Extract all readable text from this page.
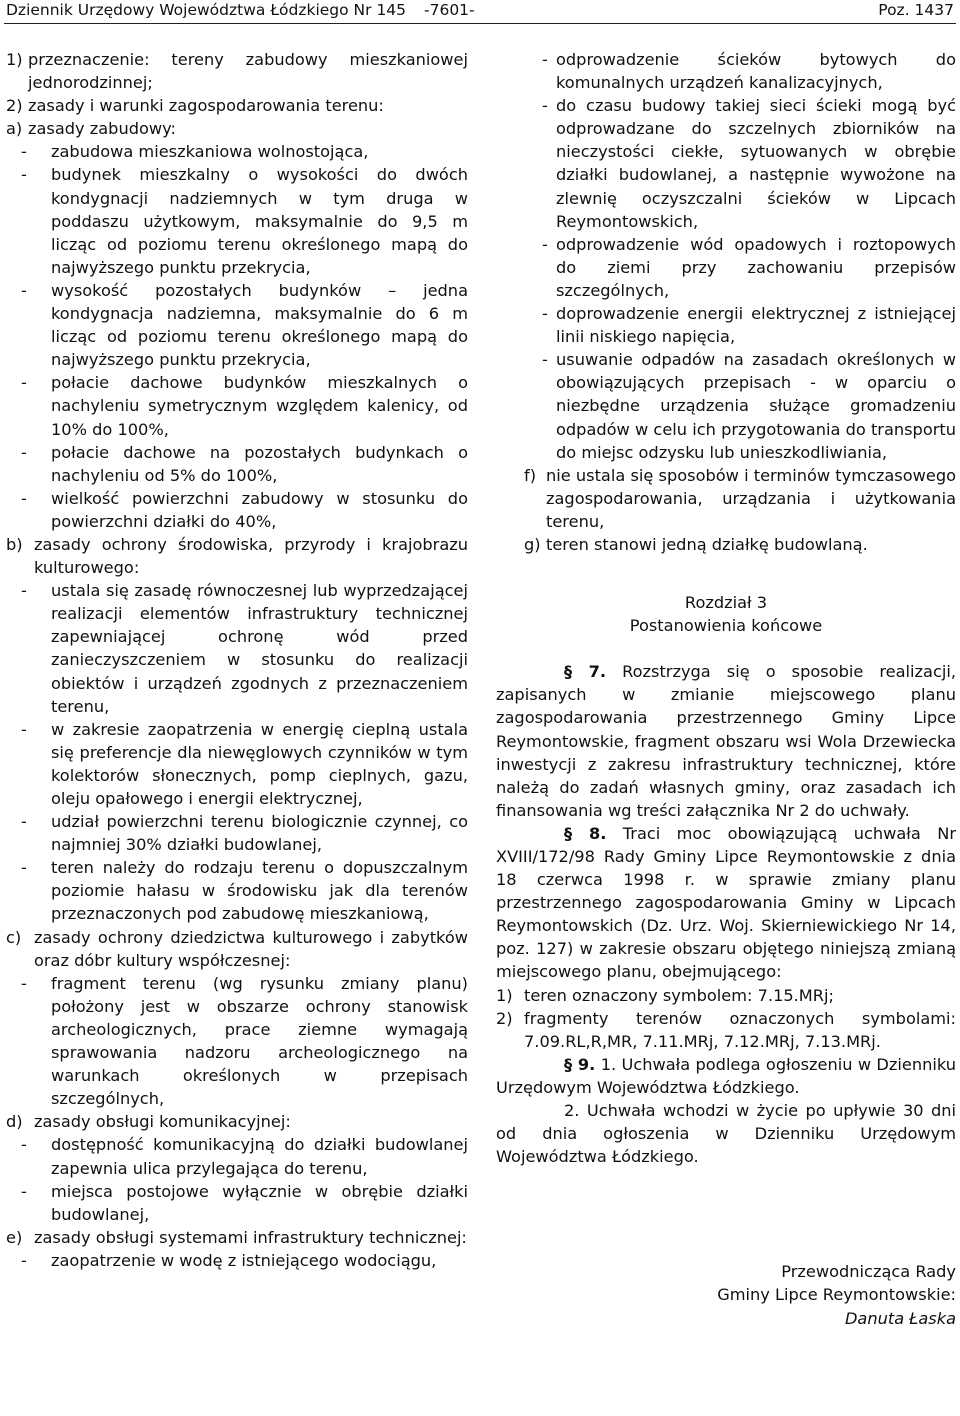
Dziennik Urzędowy Województwa Łódzkiego Nr 145 -7601-	Poz. 1437
1) przeznaczenie: tereny zabudowy mieszkaniowej jednorodzinnej;
2) zasady i warunki zagospodarowania terenu:
a) zasady zabudowy:
- zabudowa mieszkaniowa wolnostojąca,
- budynek mieszkalny o wysokości do dwóch kondygnacji nadziemnych w tym druga w poddaszu użytkowym, maksymalnie do 9,5 m licząc od poziomu terenu określonego mapą do najwyższego punktu przekrycia,
- wysokość pozostałych budynków – jedna kondygnacja nadziemna, maksymalnie do 6 m licząc od poziomu terenu określonego mapą do najwyższego punktu przekrycia,
- połacie dachowe budynków mieszkalnych o nachyleniu symetrycznym względem kalenicy, od 10% do 100%,
- połacie dachowe na pozostałych budynkach o nachyleniu od 5% do 100%,
- wielkość powierzchni zabudowy w stosunku do powierzchni działki do 40%,
b) zasady ochrony środowiska, przyrody i krajobrazu kulturowego:
- ustala się zasadę równoczesnej lub wyprzedzającej realizacji elementów infrastruktury technicznej zapewniającej ochronę wód przed zanieczyszczeniem w stosunku do realizacji obiektów i urządzeń zgodnych z przeznaczeniem terenu,
- w zakresie zaopatrzenia w energię cieplną ustala się preferencje dla niewęglowych czynników w tym kolektorów słonecznych, pomp cieplnych, gazu, oleju opałowego i energii elektrycznej,
- udział powierzchni terenu biologicznie czynnej, co najmniej 30% działki budowlanej,
- teren należy do rodzaju terenu o dopuszczalnym poziomie hałasu w środowisku jak dla terenów przeznaczonych pod zabudowę mieszkaniową,
c) zasady ochrony dziedzictwa kulturowego i zabytków oraz dóbr kultury współczesnej:
- fragment terenu (wg rysunku zmiany planu) położony jest w obszarze ochrony stanowisk archeologicznych, prace ziemne wymagają sprawowania nadzoru archeologicznego na warunkach określonych w przepisach szczególnych,
d) zasady obsługi komunikacyjnej:
- dostępność komunikacyjną do działki budowlanej zapewnia ulica przylegająca do terenu,
- miejsca postojowe wyłącznie w obrębie działki budowlanej,
e) zasady obsługi systemami infrastruktury technicznej:
- zaopatrzenie w wodę z istniejącego wodociągu,
- odprowadzenie ścieków bytowych do komunalnych urządzeń kanalizacyjnych,
- do czasu budowy takiej sieci ścieki mogą być odprowadzane do szczelnych zbiorników na nieczystości ciekłe, sytuowanych w obrębie działki budowlanej, a następnie wywożone na zlewnię oczyszczalni ścieków w Lipcach Reymontowskich,
- odprowadzenie wód opadowych i roztopowych do ziemi przy zachowaniu przepisów szczególnych,
- doprowadzenie energii elektrycznej z istniejącej linii niskiego napięcia,
- usuwanie odpadów na zasadach określonych w obowiązujących przepisach - w oparciu o niezbędne urządzenia służące gromadzeniu odpadów w celu ich przygotowania do transportu do miejsc odzysku lub unieszkodliwiania,
f) nie ustala się sposobów i terminów tymczasowego zagospodarowania, urządzania i użytkowania terenu,
g) teren stanowi jedną działkę budowlaną.
Rozdział 3
Postanowienia końcowe
§ 7. Rozstrzyga się o sposobie realizacji, zapisanych w zmianie miejscowego planu zagospodarowania przestrzennego Gminy Lipce Reymontowskie, fragment obszaru wsi Wola Drzewiecka inwestycji z zakresu infrastruktury technicznej, które należą do zadań własnych gminy, oraz zasadach ich finansowania wg treści załącznika Nr 2 do uchwały.
§ 8. Traci moc obowiązującą uchwała Nr XVIII/172/98 Rady Gminy Lipce Reymontowskie z dnia 18 czerwca 1998 r. w sprawie zmiany planu przestrzennego zagospodarowania Gminy w Lipcach Reymontowskich (Dz. Urz. Woj. Skierniewickiego Nr 14, poz. 127) w zakresie obszaru objętego niniejszą zmianą miejscowego planu, obejmującego:
1) teren oznaczony symbolem: 7.15.MRj;
2) fragmenty terenów oznaczonych symbolami: 7.09.RL,R,MR, 7.11.MRj, 7.12.MRj, 7.13.MRj.
§ 9. 1. Uchwała podlega ogłoszeniu w Dzienniku Urzędowym Województwa Łódzkiego.
2. Uchwała wchodzi w życie po upływie 30 dni od dnia ogłoszenia w Dzienniku Urzędowym Województwa Łódzkiego.
Przewodnicząca Rady
Gminy Lipce Reymontowskie:
Danuta Łaska
